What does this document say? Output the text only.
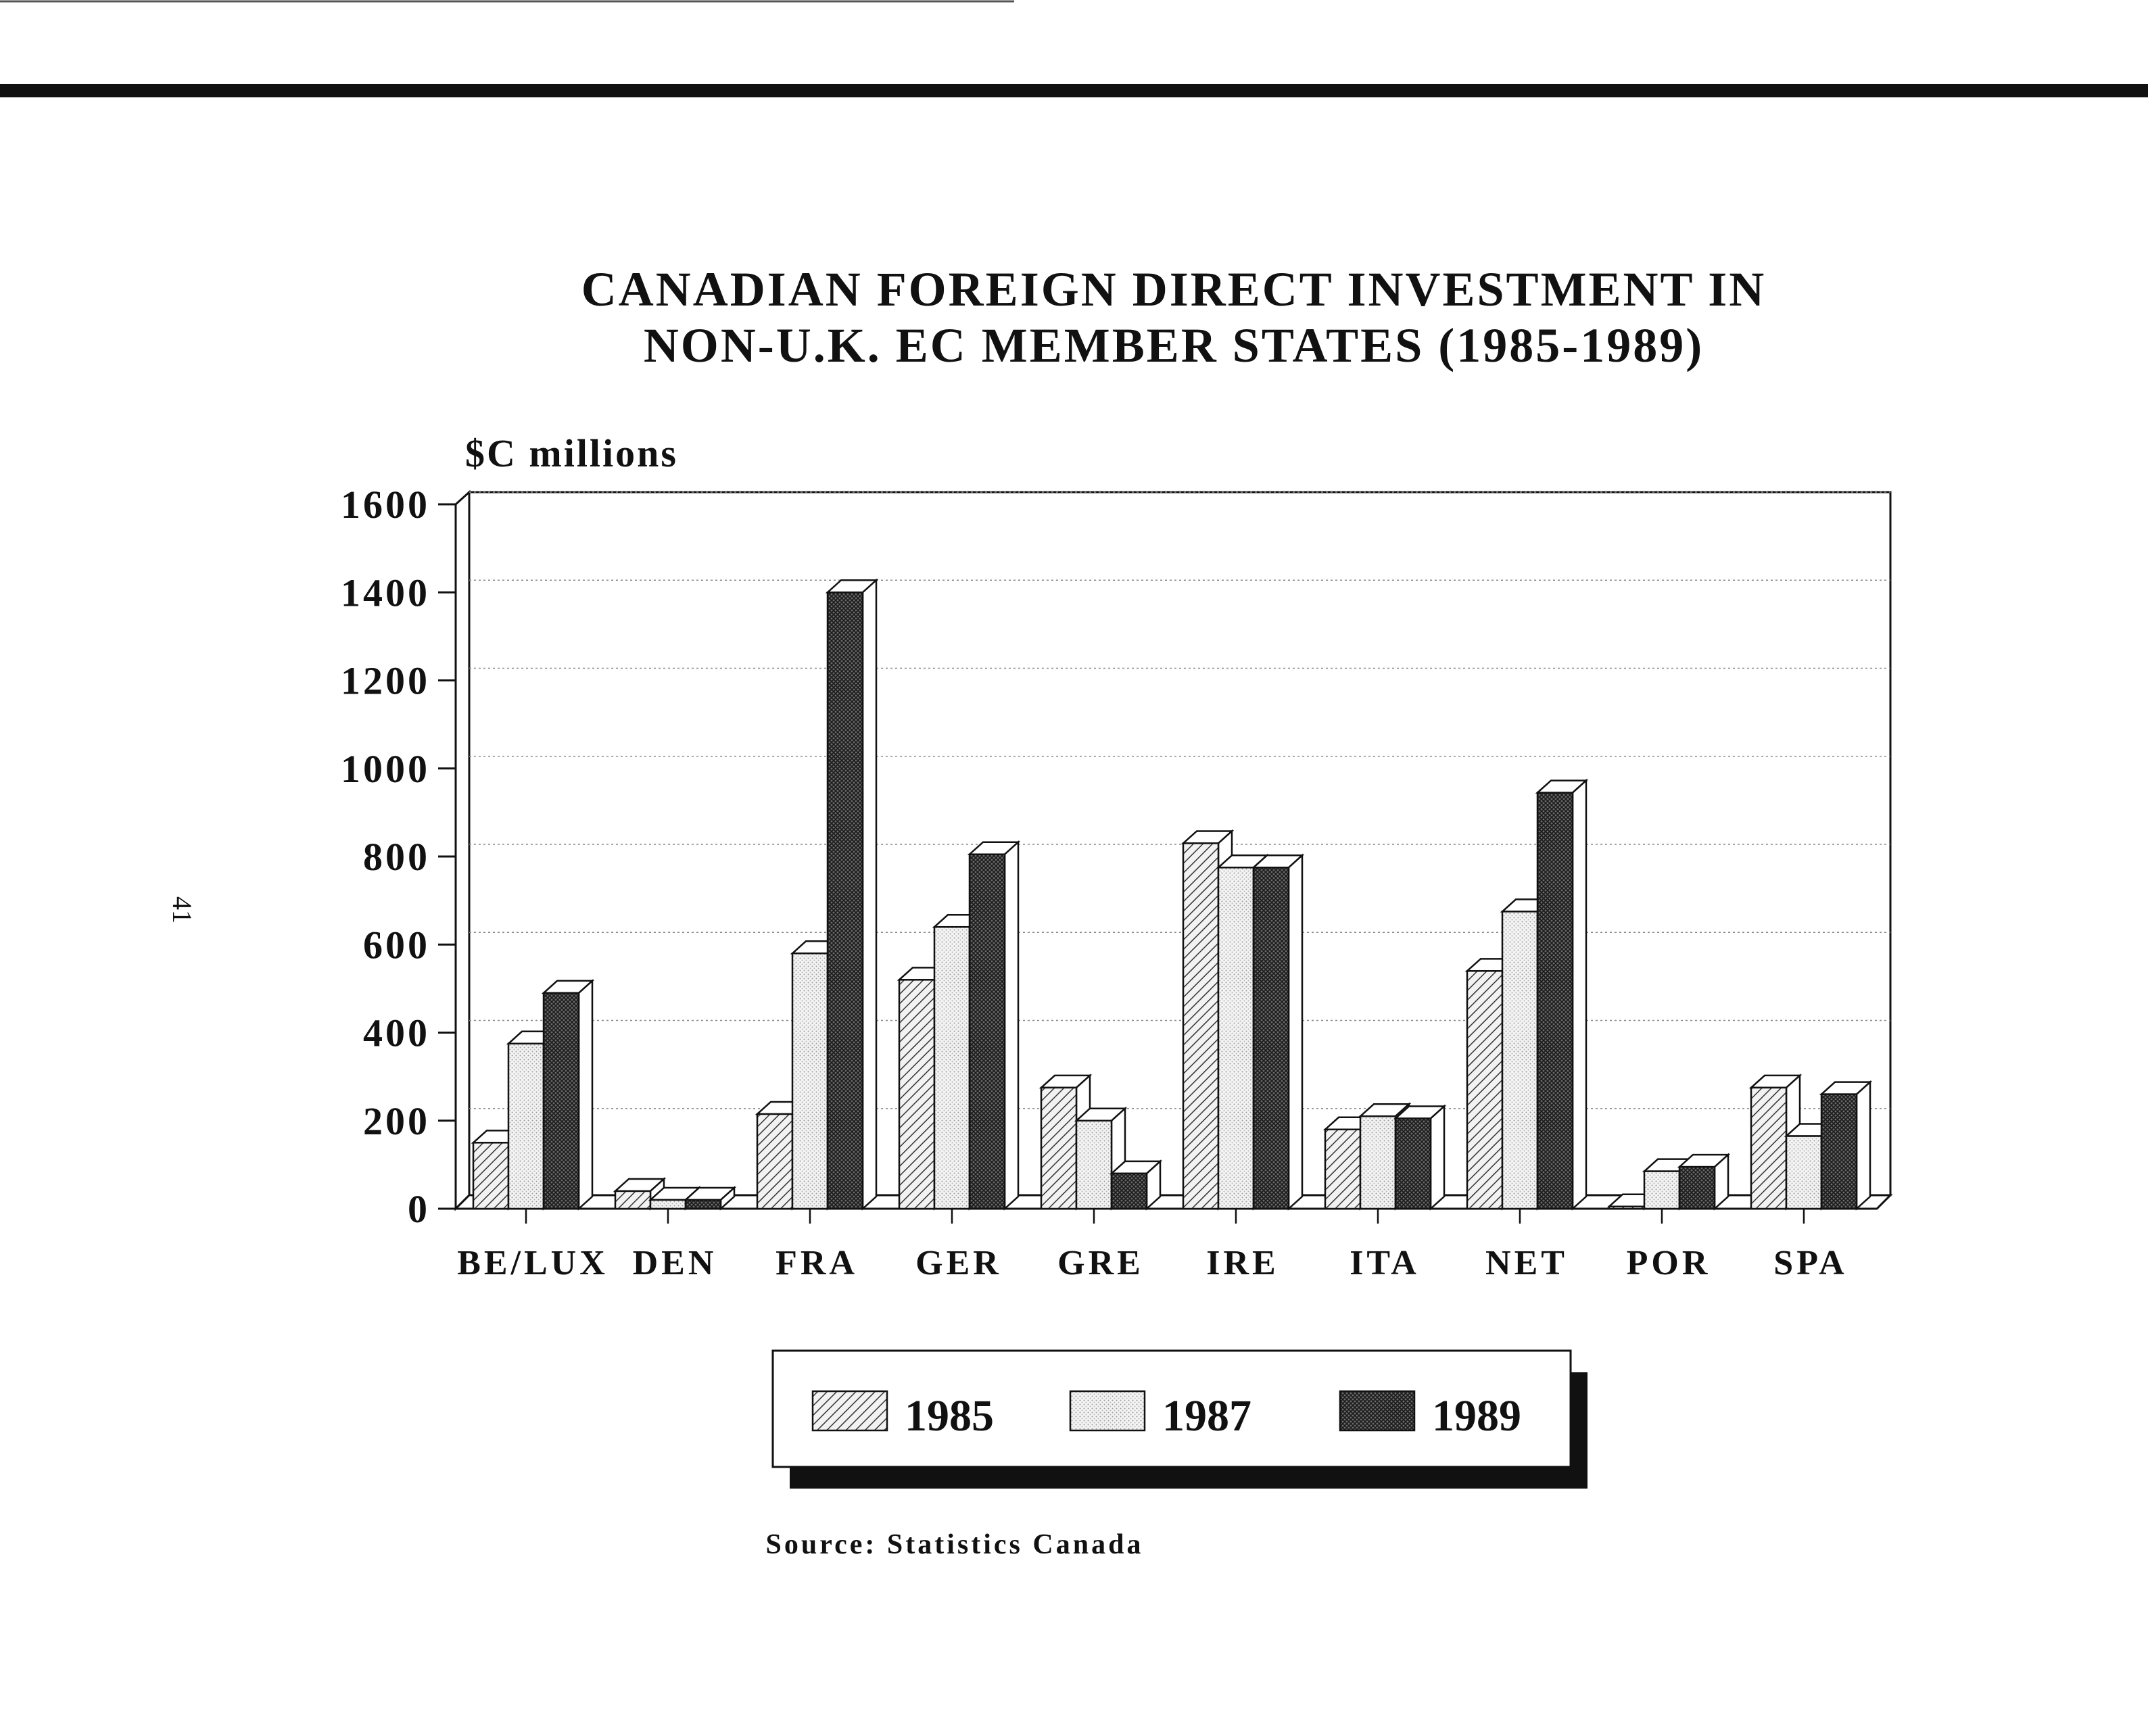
41
CANADIAN FOREIGN DIRECT INVESTMENT IN
NON-U.K. EC MEMBER STATES (1985-1989)
$C millions
0
200
400
600
800
1000
1200
1400
1600
BE/LUX DEN FRA GER GRE IRE ITA NET POR SPA
1985	1987	1989
Source: Statistics Canada
